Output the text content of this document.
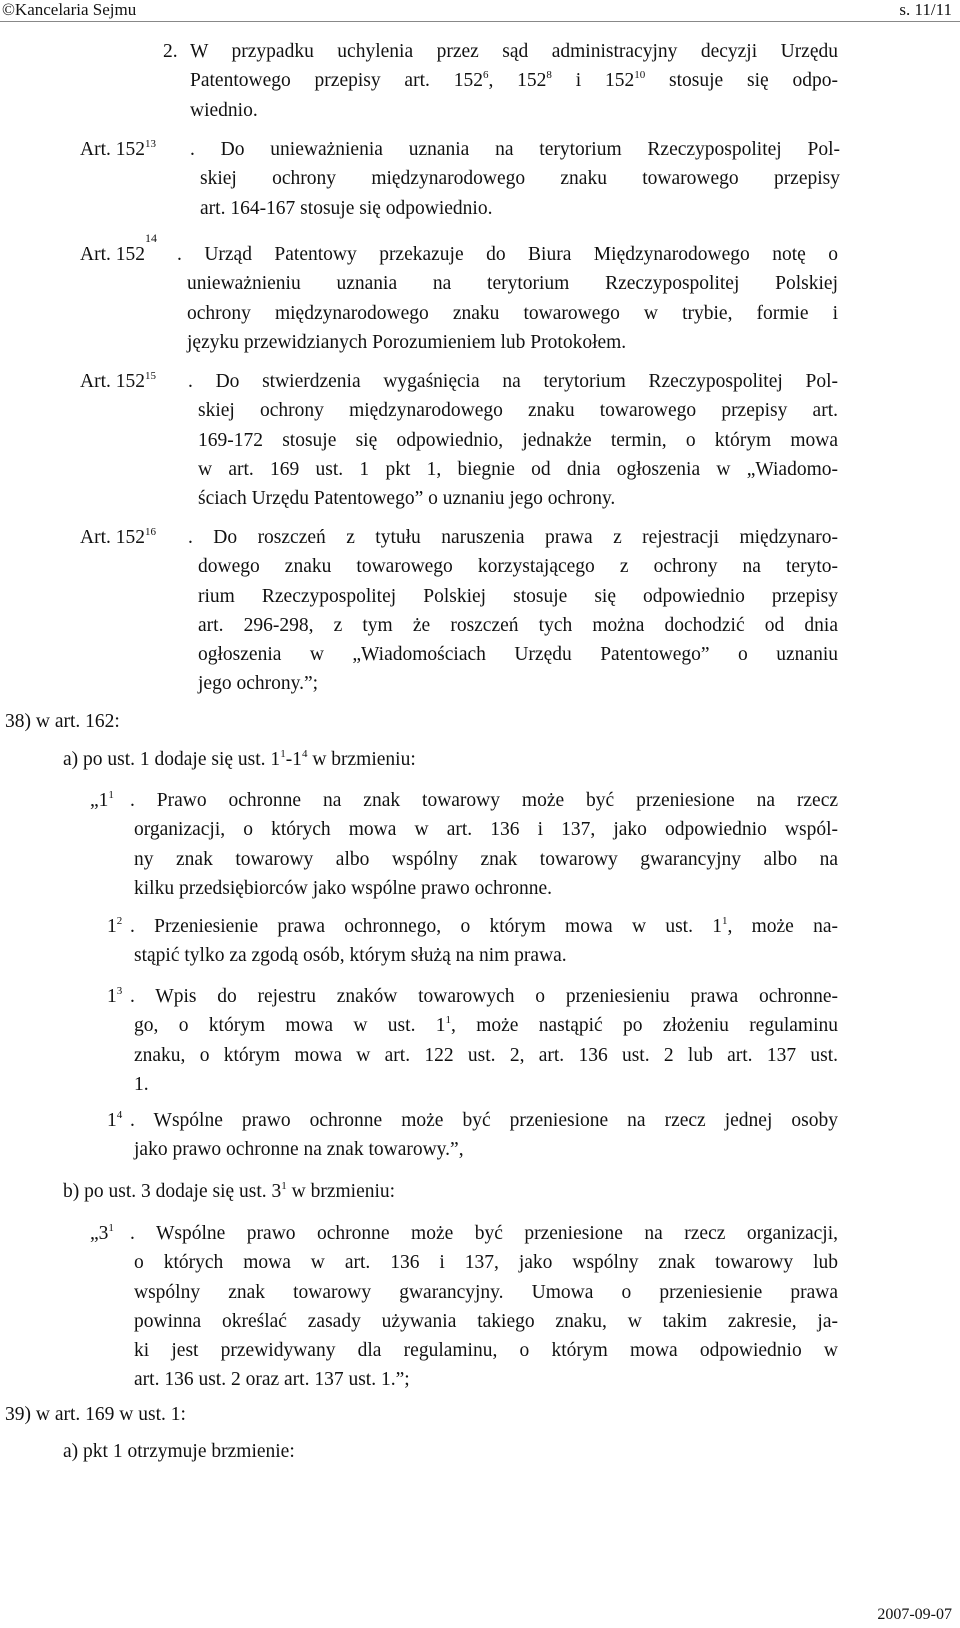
©Kancelaria Sejmu	s. 11/11
2. W przypadku uchylenia przez sąd administracyjny decyzji Urzędu
Patentowego przepisy art. $152^6$, $152^8$ i $152^{10}$ stosuje się odpo-
wiednio.
Art. $152^{13}$ . Do unieważnienia uznania na terytorium Rzeczypospolitej Pol-
skiej ochrony międzynarodowego znaku towarowego przepisy
art. 164-167 stosuje się odpowiednio.
Art. $152^{14}$
. Urząd Patentowy przekazuje do Biura Międzynarodowego notę o
unieważnieniu uznania na terytorium Rzeczypospolitej Polskiej
ochrony międzynarodowego znaku towarowego w trybie, formie i
języku przewidzianych Porozumieniem lub Protokołem.
Art. $152^{15}$ . Do stwierdzenia wygaśnięcia na terytorium Rzeczypospolitej Pol-
skiej ochrony międzynarodowego znaku towarowego przepisy art.
169-172 stosuje się odpowiednio, jednakże termin, o którym mowa
w art. 169 ust. 1 pkt 1, biegnie od dnia ogłoszenia w „Wiadomo-
ściach Urzędu Patentowego” o uznaniu jego ochrony.
Art. $152^{16}$ . Do roszczeń z tytułu naruszenia prawa z rejestracji międzynaro-
dowego znaku towarowego korzystającego z ochrony na teryto-
rium Rzeczypospolitej Polskiej stosuje się odpowiednio przepisy
art. 296-298, z tym że roszczeń tych można dochodzić od dnia
ogłoszenia w „Wiadomościach Urzędu Patentowego” o uznaniu
jego ochrony.”;
38) w art. 162:
a) po ust. 1 dodaje się ust. $1^1-1^4$ w brzmieniu:
$„1^1$ . Prawo ochronne na znak towarowy może być przeniesione na rzecz
organizacji, o których mowa w art. 136 i 137, jako odpowiednio wspól-
ny znak towarowy albo wspólny znak towarowy gwarancyjny albo na
kilku przedsiębiorców jako wspólne prawo ochronne.
$1^2$ . Przeniesienie prawa ochronnego, o którym mowa w ust. $1^1$, może na-
stąpić tylko za zgodą osób, którym służą na nim prawa.
$1^3$ . Wpis do rejestru znaków towarowych o przeniesieniu prawa ochronne-
go, o którym mowa w ust. $1^1$, może nastąpić po złożeniu regulaminu
znaku, o którym mowa w art. 122 ust. 2, art. 136 ust. 2 lub art. 137 ust.
1.
$1^4$ . Wspólne prawo ochronne może być przeniesione na rzecz jednej osoby
jako prawo ochronne na znak towarowy.”,
b) po ust. 3 dodaje się ust. $3^1$ w brzmieniu:
$„3^1$ . Wspólne prawo ochronne może być przeniesione na rzecz organizacji,
o których mowa w art. 136 i 137, jako wspólny znak towarowy lub
wspólny znak towarowy gwarancyjny. Umowa o przeniesienie prawa
powinna określać zasady używania takiego znaku, w takim zakresie, ja-
ki jest przewidywany dla regulaminu, o którym mowa odpowiednio w
art. 136 ust. 2 oraz art. 137 ust. 1.”;
39) w art. 169 w ust. 1:
a) pkt 1 otrzymuje brzmienie:
2007-09-07
